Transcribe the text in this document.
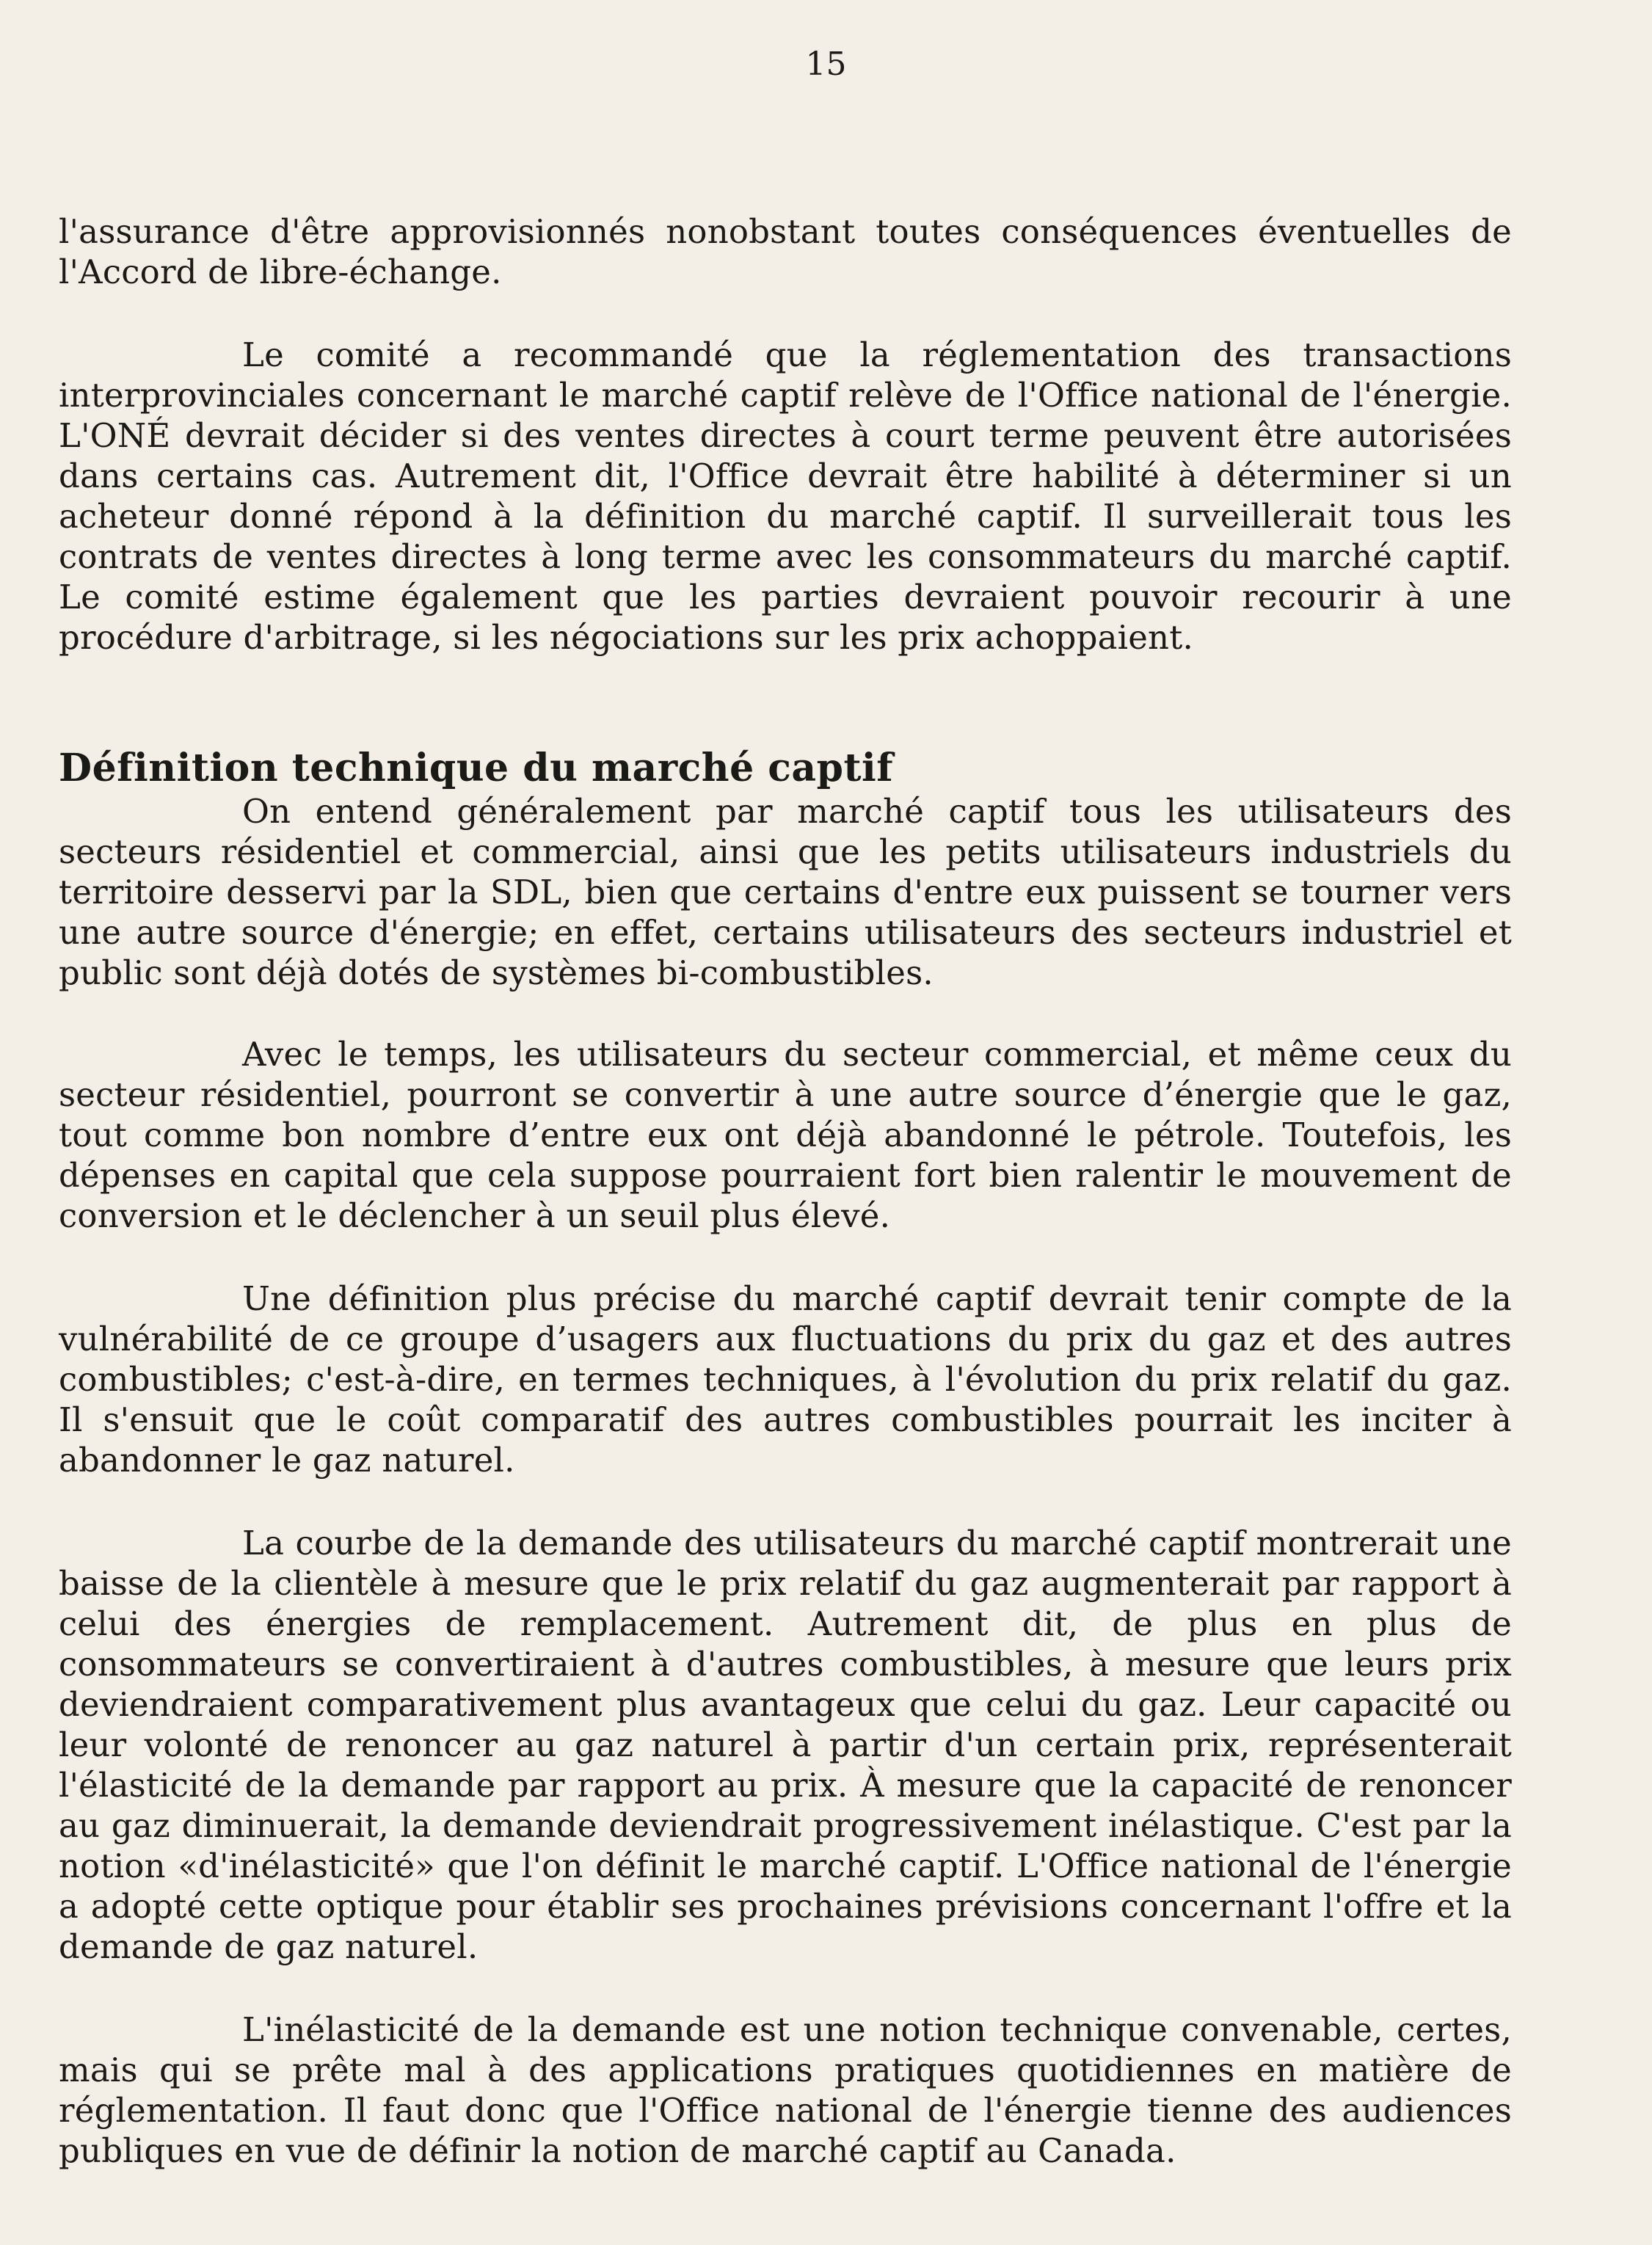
15

l'assurance d'être approvisionnés nonobstant toutes conséquences éventuelles de l'Accord de libre-échange.

Le comité a recommandé que la réglementation des transactions interprovinciales concernant le marché captif relève de l'Office national de l'énergie. L'ONÉ devrait décider si des ventes directes à court terme peuvent être autorisées dans certains cas. Autrement dit, l'Office devrait être habilité à déterminer si un acheteur donné répond à la définition du marché captif. Il surveillerait tous les contrats de ventes directes à long terme avec les consommateurs du marché captif. Le comité estime également que les parties devraient pouvoir recourir à une procédure d'arbitrage, si les négociations sur les prix achoppaient.

Définition technique du marché captif

On entend généralement par marché captif tous les utilisateurs des secteurs résidentiel et commercial, ainsi que les petits utilisateurs industriels du territoire desservi par la SDL, bien que certains d'entre eux puissent se tourner vers une autre source d'énergie; en effet, certains utilisateurs des secteurs industriel et public sont déjà dotés de systèmes bi-combustibles.

Avec le temps, les utilisateurs du secteur commercial, et même ceux du secteur résidentiel, pourront se convertir à une autre source d’énergie que le gaz, tout comme bon nombre d’entre eux ont déjà abandonné le pétrole. Toutefois, les dépenses en capital que cela suppose pourraient fort bien ralentir le mouvement de conversion et le déclencher à un seuil plus élevé.

Une définition plus précise du marché captif devrait tenir compte de la vulnérabilité de ce groupe d’usagers aux fluctuations du prix du gaz et des autres combustibles; c'est-à-dire, en termes techniques, à l'évolution du prix relatif du gaz. Il s'ensuit que le coût comparatif des autres combustibles pourrait les inciter à abandonner le gaz naturel.

La courbe de la demande des utilisateurs du marché captif montrerait une baisse de la clientèle à mesure que le prix relatif du gaz augmenterait par rapport à celui des énergies de remplacement. Autrement dit, de plus en plus de consommateurs se convertiraient à d'autres combustibles, à mesure que leurs prix deviendraient comparativement plus avantageux que celui du gaz. Leur capacité ou leur volonté de renoncer au gaz naturel à partir d'un certain prix, représenterait l'élasticité de la demande par rapport au prix. À mesure que la capacité de renoncer au gaz diminuerait, la demande deviendrait progressivement inélastique. C'est par la notion «d'inélasticité» que l'on définit le marché captif. L'Office national de l'énergie a adopté cette optique pour établir ses prochaines prévisions concernant l'offre et la demande de gaz naturel.

L'inélasticité de la demande est une notion technique convenable, certes, mais qui se prête mal à des applications pratiques quotidiennes en matière de réglementation. Il faut donc que l'Office national de l'énergie tienne des audiences publiques en vue de définir la notion de marché captif au Canada.
